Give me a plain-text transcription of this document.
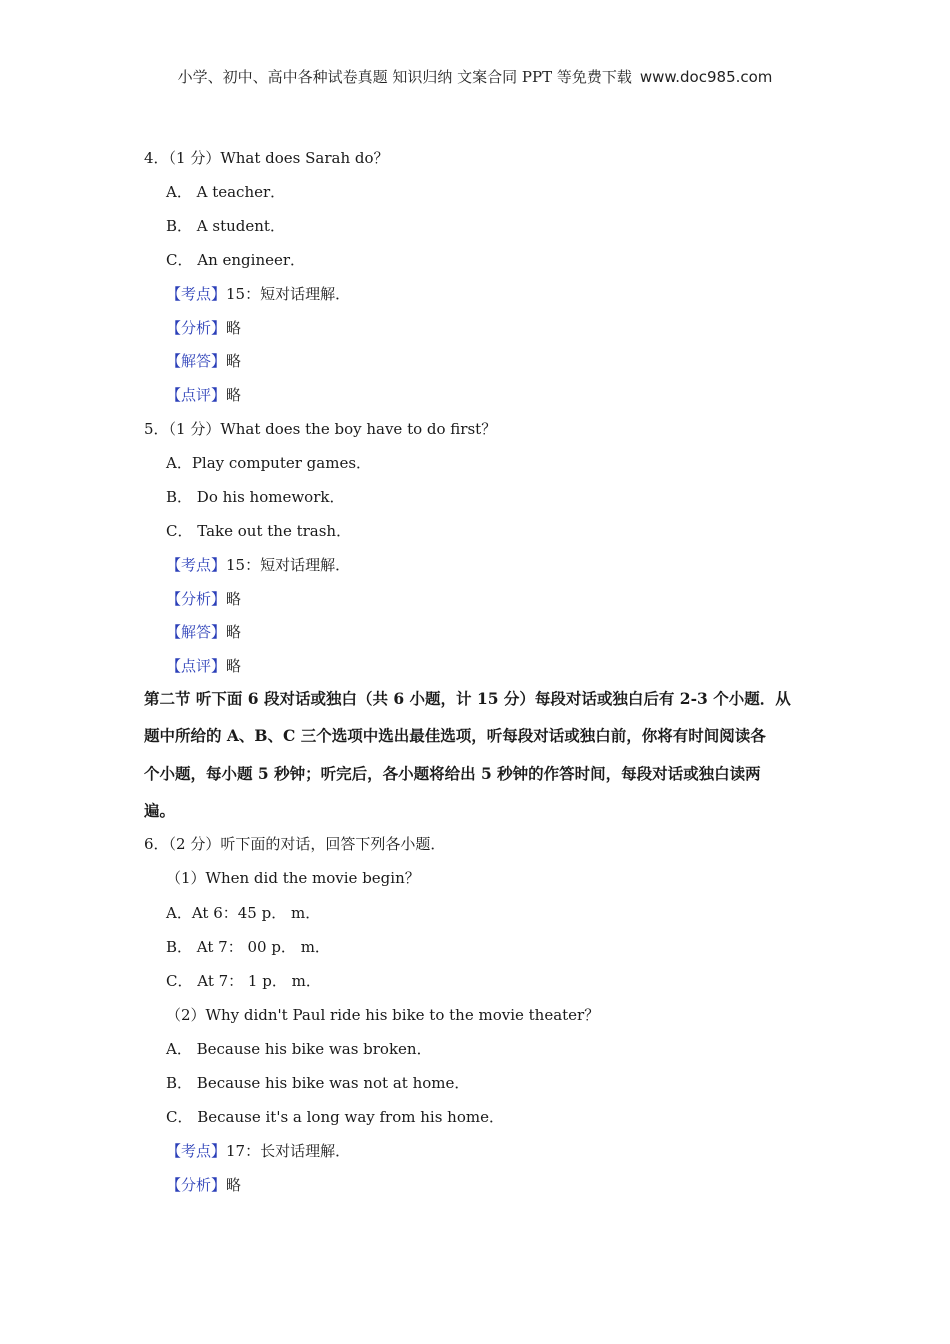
小学、初中、高中各种试卷真题 知识归纳 文案合同 PPT 等免费下载 www.doc985.com
4．（1 分）What does Sarah do？
A． A teacher．
B． A student．
C． An engineer．
【考点】15：短对话理解．
【分析】略
【解答】略
【点评】略
5．（1 分）What does the boy have to do first？
A．Play computer games．
B． Do his homework．
C． Take out the trash．
【考点】15：短对话理解．
【分析】略
【解答】略
【点评】略
第二节 听下面 6 段对话或独白（共 6 小题，计 15 分）每段对话或独白后有 2-3 个小题．从
题中所给的 A、B、C 三个选项中选出最佳选项，听每段对话或独白前，你将有时间阅读各
个小题，每小题 5 秒钟；听完后，各小题将给出 5 秒钟的作答时间，每段对话或独白读两
遍。
6．（2 分）听下面的对话，回答下列各小题．
（1）When did the movie begin？
A．At 6：45 p． m．
B． At 7： 00 p． m．
C． At 7： 1 p． m．
（2）Why didn't Paul ride his bike to the movie theater？
A． Because his bike was broken．
B． Because his bike was not at home．
C． Because it's a long way from his home．
【考点】17：长对话理解．
【分析】略
